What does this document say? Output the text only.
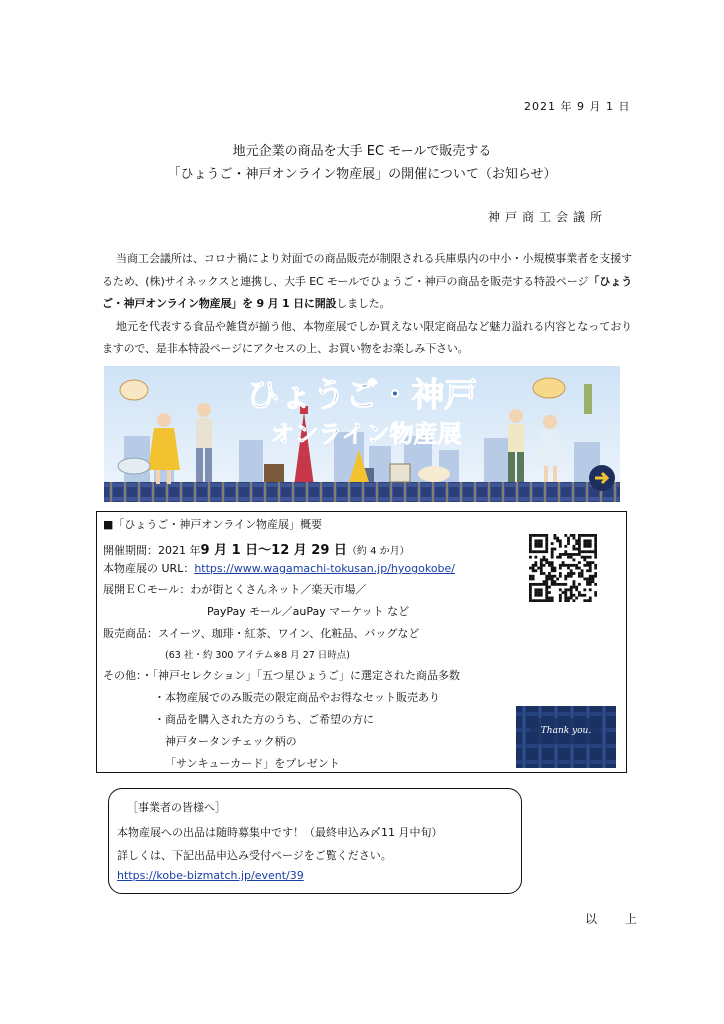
2021 年 9 月 1 日
地元企業の商品を大手 EC モールで販売する
「ひょうご・神戸オンライン物産展」の開催について（お知らせ）
神戸商工会議所

当商工会議所は、コロナ禍により対面での商品販売が制限される兵庫県内の中小・小規模事業者を支援するため、(株)サイネックスと連携し、大手 EC モールでひょうご・神戸の商品を販売する特設ページ「ひょうご・神戸オンライン物産展」を 9 月 1 日に開設しました。

地元を代表する食品や雑貨が揃う他、本物産展でしか買えない限定商品など魅力溢れる内容となっておりますので、是非本特設ページにアクセスの上、お買い物をお楽しみ下さい。

ひょうご・神戸
オンライン物産展
■「ひょうご・神戸オンライン物産展」概要
開催期間：2021 年9 月 1 日〜12 月 29 日（約 4 か月）
本物産展の URL：https://www.wagamachi-tokusan.jp/hyogokobe/
展開ＥＣモール：わが街とくさんネット／楽天市場／
PayPay モール／auPay マーケット など
販売商品：スイーツ、珈琲・紅茶、ワイン、化粧品、バッグなど
(63 社・約 300 アイテム※8 月 27 日時点)
その他：・「神戸セレクション」「五つ星ひょうご」に選定された商品多数
・本物産展でのみ販売の限定商品やお得なセット販売あり
・商品を購入された方のうち、ご希望の方に
神戸タータンチェック柄の
「サンキューカード」をプレゼント
Thank you.
［事業者の皆様へ］
本物産展への出品は随時募集中です！（最終申込み〆11 月中旬）
詳しくは、下記出品申込み受付ページをご覧ください。
https://kobe-bizmatch.jp/event/39
以 上
